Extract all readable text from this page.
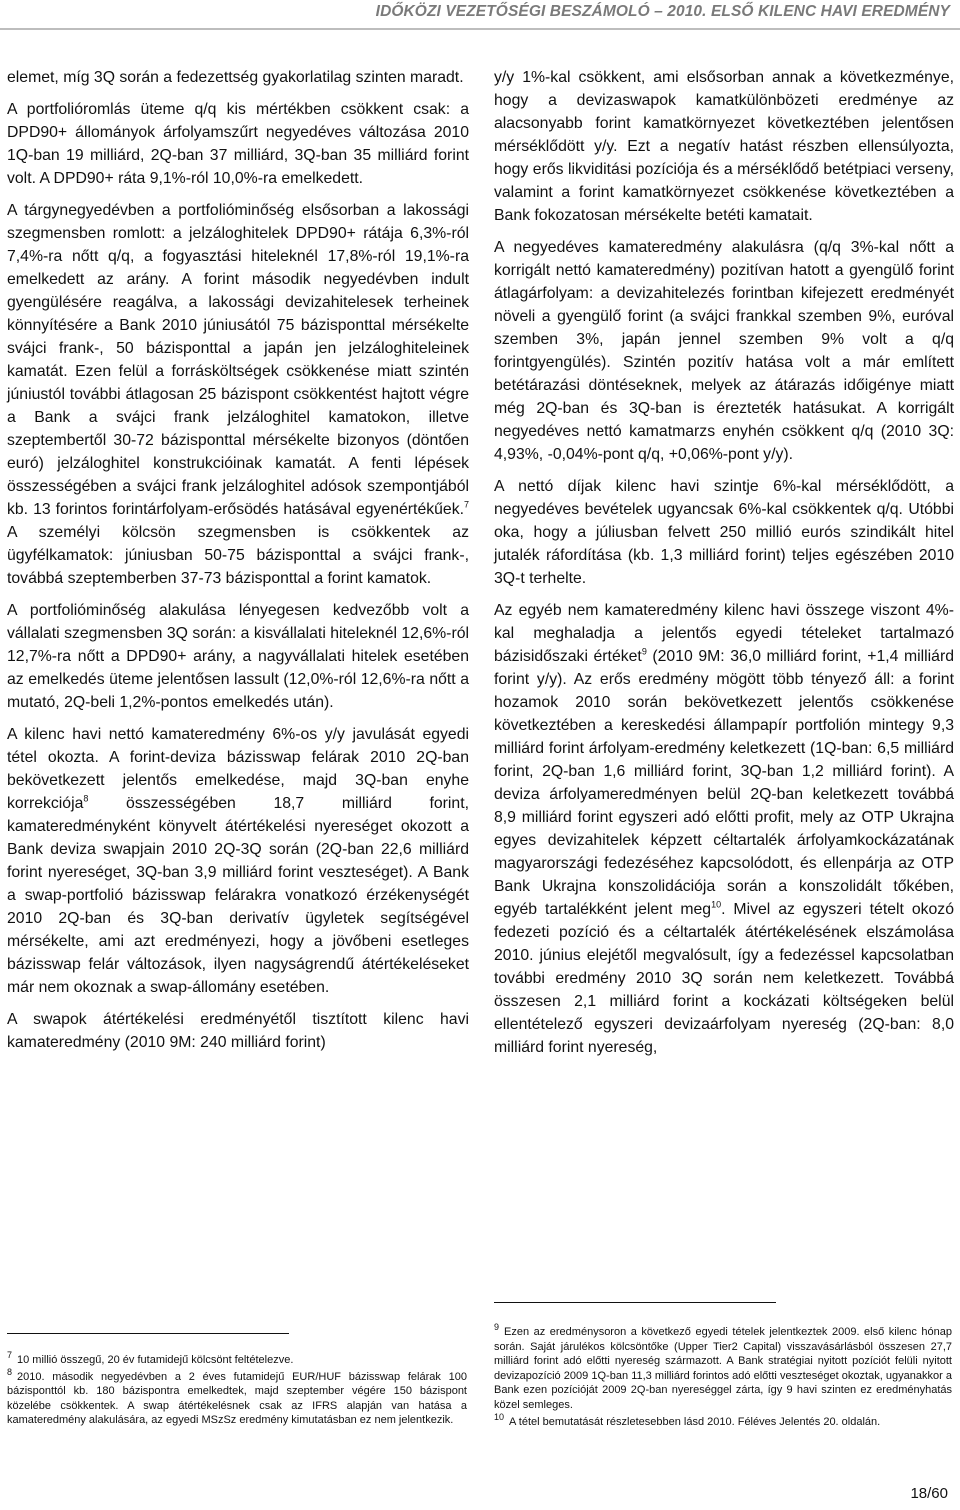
IDŐKÖZI VEZETŐSÉGI BESZÁMOLÓ – 2010. ELSŐ KILENC HAVI EREDMÉNY

elemet, míg 3Q során a fedezettség gyakorlatilag szinten maradt.

A portfolióromlás üteme q/q kis mértékben csökkent csak: a DPD90+ állományok árfolyamszűrt negyedéves változása 2010 1Q-ban 19 milliárd, 2Q-ban 37 milliárd, 3Q-ban 35 milliárd forint volt. A DPD90+ ráta 9,1%-ról 10,0%-ra emelkedett.

A tárgynegyedévben a portfolióminőség elsősorban a lakossági szegmensben romlott: a jelzáloghitelek DPD90+ rátája 6,3%-ról 7,4%-ra nőtt q/q, a fogyasztási hiteleknél 17,8%-ról 19,1%-ra emelkedett az arány. A forint második negyedévben indult gyengülésére reagálva, a lakossági devizahitelesek terheinek könnyítésére a Bank 2010 júniusától 75 bázisponttal mérsékelte svájci frank-, 50 bázisponttal a japán jen jelzáloghiteleinek kamatát. Ezen felül a forrásköltségek csökkenése miatt szintén júniustól további átlagosan 25 bázispont csökkentést hajtott végre a Bank a svájci frank jelzáloghitel kamatokon, illetve szeptembertől 30-72 bázisponttal mérsékelte bizonyos (döntően euró) jelzáloghitel konstrukcióinak kamatát. A fenti lépések összességében a svájci frank jelzáloghitel adósok szempontjából kb. 13 forintos forintárfolyam-erősödés hatásával egyenértékűek.$^7$ A személyi kölcsön szegmensben is csökkentek az ügyfélkamatok: júniusban 50-75 bázisponttal a svájci frank-, továbbá szeptemberben 37-73 bázisponttal a forint kamatok.

A portfolióminőség alakulása lényegesen kedvezőbb volt a vállalati szegmensben 3Q során: a kisvállalati hiteleknél 12,6%-ról 12,7%-ra nőtt a DPD90+ arány, a nagyvállalati hitelek esetében az emelkedés üteme jelentősen lassult (12,0%-ról 12,6%-ra nőtt a mutató, 2Q-beli 1,2%-pontos emelkedés után).

A kilenc havi nettó kamateredmény 6%-os y/y javulását egyedi tétel okozta. A forint-deviza bázisswap felárak 2010 2Q-ban bekövetkezett jelentős emelkedése, majd 3Q-ban enyhe korrekciója$^8$ összességében 18,7 milliárd forint, kamateredményként könyvelt átértékelési nyereséget okozott a Bank deviza swapjain 2010 2Q-3Q során (2Q-ban 22,6 milliárd forint nyereséget, 3Q-ban 3,9 milliárd forint veszteséget). A Bank a swap-portfolió bázisswap felárakra vonatkozó érzékenységét 2010 2Q-ban és 3Q-ban derivatív ügyletek segítségével mérsékelte, ami azt eredményezi, hogy a jövőbeni esetleges bázisswap felár változások, ilyen nagyságrendű átértékeléseket már nem okoznak a swap-állomány esetében.

A swapok átértékelési eredményétől tisztított kilenc havi kamateredmény (2010 9M: 240 milliárd forint)

y/y 1%-kal csökkent, ami elsősorban annak a következménye, hogy a devizaswapok kamatkülönbözeti eredménye az alacsonyabb forint kamatkörnyezet következtében jelentősen mérséklődött y/y. Ezt a negatív hatást részben ellensúlyozta, hogy erős likviditási pozíciója és a mérséklődő betétpiaci verseny, valamint a forint kamatkörnyezet csökkenése következtében a Bank fokozatosan mérsékelte betéti kamatait.

A negyedéves kamateredmény alakulásra (q/q 3%-kal nőtt a korrigált nettó kamateredmény) pozitívan hatott a gyengülő forint átlagárfolyam: a devizahitelezés forintban kifejezett eredményét növeli a gyengülő forint (a svájci frankkal szemben 9%, euróval szemben 3%, japán jennel szemben 9% volt a q/q forintgyengülés). Szintén pozitív hatása volt a már említett betétárazási döntéseknek, melyek az átárazás időigénye miatt még 2Q-ban és 3Q-ban is érezteték hatásukat. A korrigált negyedéves nettó kamatmarzs enyhén csökkent q/q (2010 3Q: 4,93%, -0,04%-pont q/q, +0,06%-pont y/y).

A nettó díjak kilenc havi szintje 6%-kal mérséklődött, a negyedéves bevételek ugyancsak 6%-kal csökkentek q/q. Utóbbi oka, hogy a júliusban felvett 250 millió eurós szindikált hitel jutalék ráfordítása (kb. 1,3 milliárd forint) teljes egészében 2010 3Q-t terhelte.

Az egyéb nem kamateredmény kilenc havi összege viszont 4%-kal meghaladja a jelentős egyedi tételeket tartalmazó bázisidőszaki értéket$^9$ (2010 9M: 36,0 milliárd forint, +1,4 milliárd forint y/y). Az erős eredmény mögött több tényező áll: a forint hozamok 2010 során bekövetkezett jelentős csökkenése következtében a kereskedési állampapír portfolión mintegy 9,3 milliárd forint árfolyam-eredmény keletkezett (1Q-ban: 6,5 milliárd forint, 2Q-ban 1,6 milliárd forint, 3Q-ban 1,2 milliárd forint). A deviza árfolyameredményen belül 2Q-ban keletkezett továbbá 8,9 milliárd forint egyszeri adó előtti profit, mely az OTP Ukrajna egyes devizahitelek képzett céltartalék árfolyamkockázatának magyarországi fedezéséhez kapcsolódott, és ellenpárja az OTP Bank Ukrajna konszolidációja során a konszolidált tőkében, egyéb tartalékként jelent meg$^{10}$. Mivel az egyszeri tételt okozó fedezeti pozíció és a céltartalék átértékelésének elszámolása 2010. június elejétől megvalósult, így a fedezéssel kapcsolatban további eredmény 2010 3Q során nem keletkezett. Továbbá összesen 2,1 milliárd forint a kockázati költségeken belül ellentételező egyszeri devizaárfolyam nyereség (2Q-ban: 8,0 milliárd forint nyereség,

$^7$ 10 millió összegű, 20 év futamidejű kölcsönt feltételezve.

$^8$ 2010. második negyedévben a 2 éves futamidejű EUR/HUF bázisswap felárak 100 bázisponttól kb. 180 bázispontra emelkedtek, majd szeptember végére 150 bázispont közelébe csökkentek. A swap átértékelésnek csak az IFRS alapján van hatása a kamateredmény alakulására, az egyedi MSzSz eredmény kimutatásban ez nem jelentkezik.

$^9$ Ezen az eredménysoron a következő egyedi tételek jelentkeztek 2009. első kilenc hónap során. Saját járulékos kölcsöntőke (Upper Tier2 Capital) visszavásárlásból összesen 27,7 milliárd forint adó előtti nyereség származott. A Bank stratégiai nyitott pozíciót felüli nyitott devizapozíció 2009 1Q-ban 11,3 milliárd forintos adó előtti veszteséget okoztak, ugyanakkor a Bank ezen pozícióját 2009 2Q-ban nyereséggel zárta, így 9 havi szinten ez eredményhatás közel semleges.

$^{10}$ A tétel bemutatását részletesebben lásd 2010. Féléves Jelentés 20. oldalán.

18/60
